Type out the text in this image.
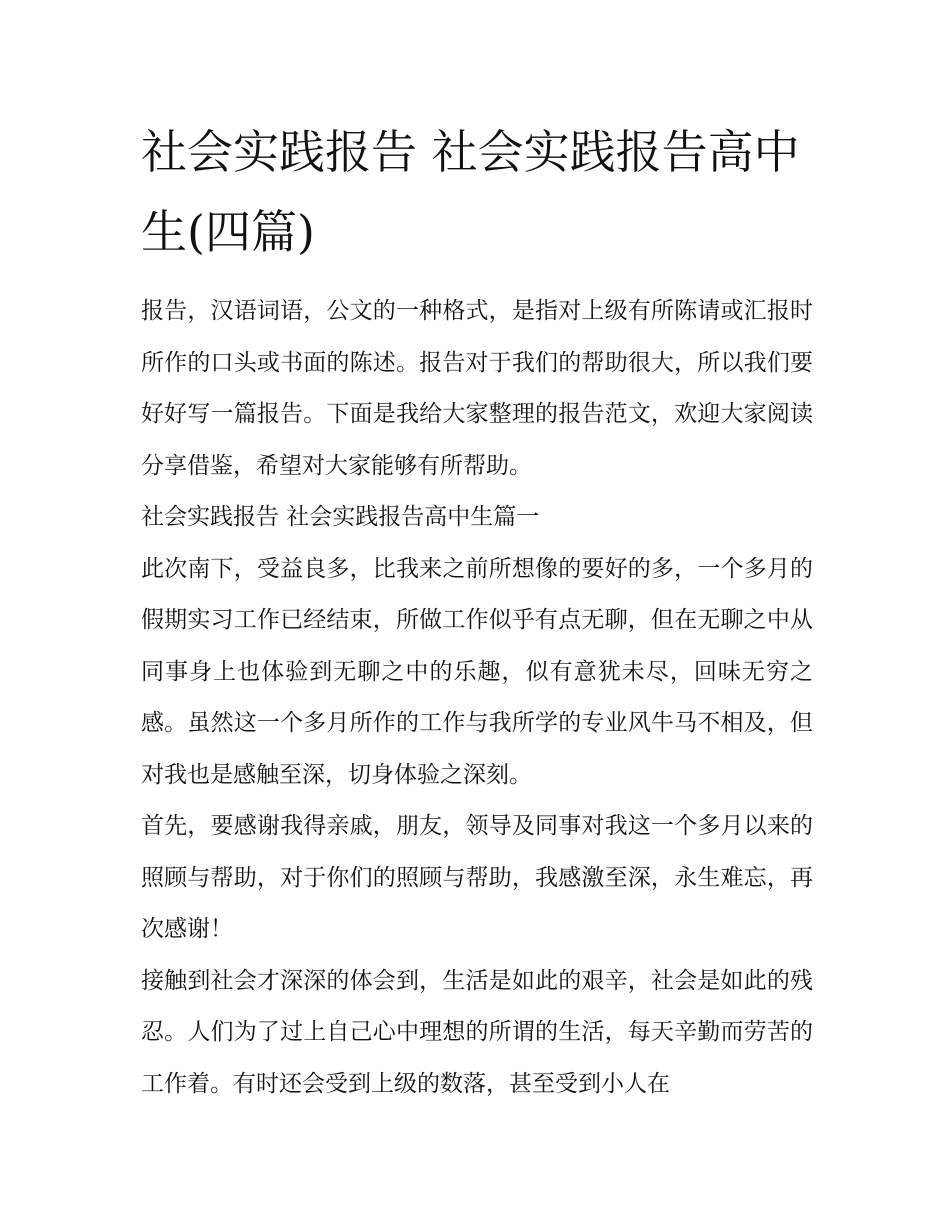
社会实践报告 社会实践报告高中生(四篇)

报告，汉语词语，公文的一种格式，是指对上级有所陈请或汇报时所作的口头或书面的陈述。报告对于我们的帮助很大，所以我们要好好写一篇报告。下面是我给大家整理的报告范文，欢迎大家阅读分享借鉴，希望对大家能够有所帮助。

社会实践报告 社会实践报告高中生篇一

此次南下，受益良多，比我来之前所想像的要好的多，一个多月的假期实习工作已经结束，所做工作似乎有点无聊，但在无聊之中从同事身上也体验到无聊之中的乐趣，似有意犹未尽，回味无穷之感。虽然这一个多月所作的工作与我所学的专业风牛马不相及，但对我也是感触至深，切身体验之深刻。

首先，要感谢我得亲戚，朋友，领导及同事对我这一个多月以来的照顾与帮助，对于你们的照顾与帮助，我感激至深，永生难忘，再次感谢！

接触到社会才深深的体会到，生活是如此的艰辛，社会是如此的残忍。人们为了过上自己心中理想的所谓的生活，每天辛勤而劳苦的工作着。有时还会受到上级的数落，甚至受到小人在
